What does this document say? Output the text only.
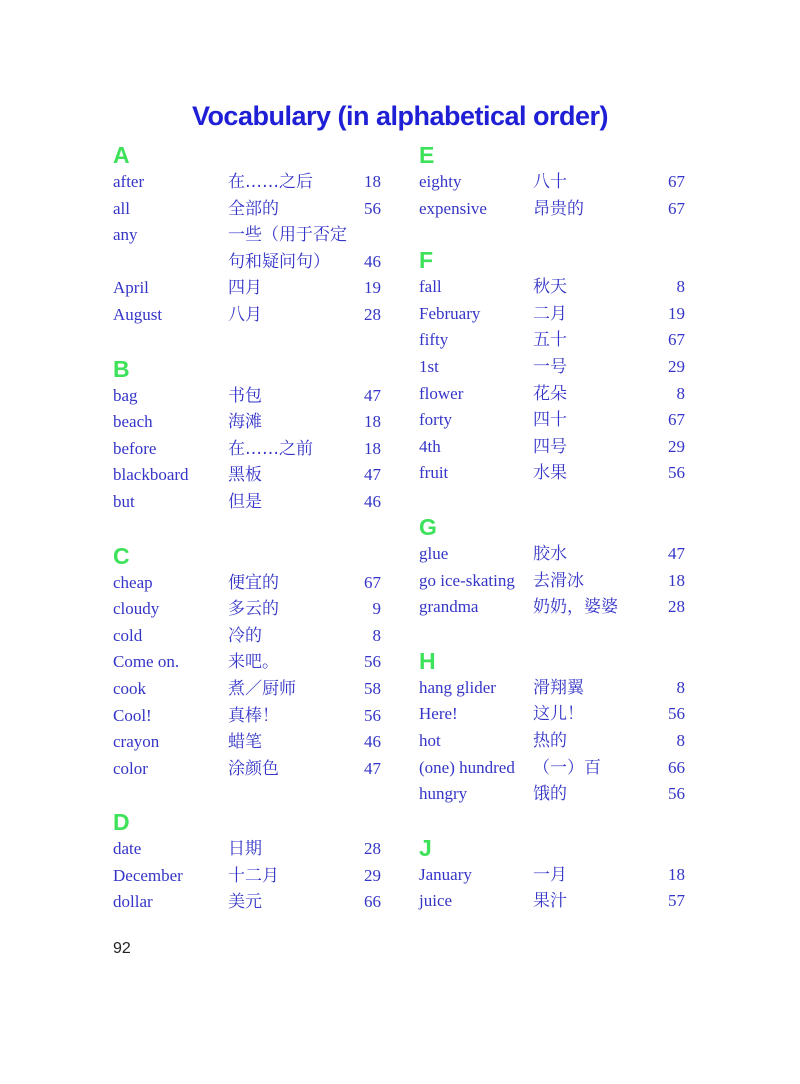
Vocabulary (in alphabetical order)
A
after	在……之后	18
all	全部的	56
any	一些（用于否定句和疑问句）	46
April	四月	19
August	八月	28
B
bag	书包	47
beach	海滩	18
before	在……之前	18
blackboard 黑板	47
but	但是	46
C
cheap	便宜的	67
cloudy	多云的	9
cold	冷的	8
Come on.	来吧。	56
cook	煮／厨师	58
Cool!	真棒！	56
crayon	蜡笔	46
color	涂颜色	47
D
date	日期	28
December	十二月	29
dollar	美元	66
E
eighty	八十	67
expensive	昂贵的	67
F
fall	秋天	8
February	二月	19
fifty	五十	67
1st	一号	29
flower	花朵	8
forty	四十	67
4th	四号	29
fruit	水果	56
G
glue	胶水	47
go ice-skating 去滑冰	18
grandma	奶奶，婆婆	28
H
hang glider 滑翔翼	8
Here!	这儿！	56
hot	热的	8
(one) hundred （一）百	66
hungry	饿的	56
J
January	一月	18
juice	果汁	57
92
